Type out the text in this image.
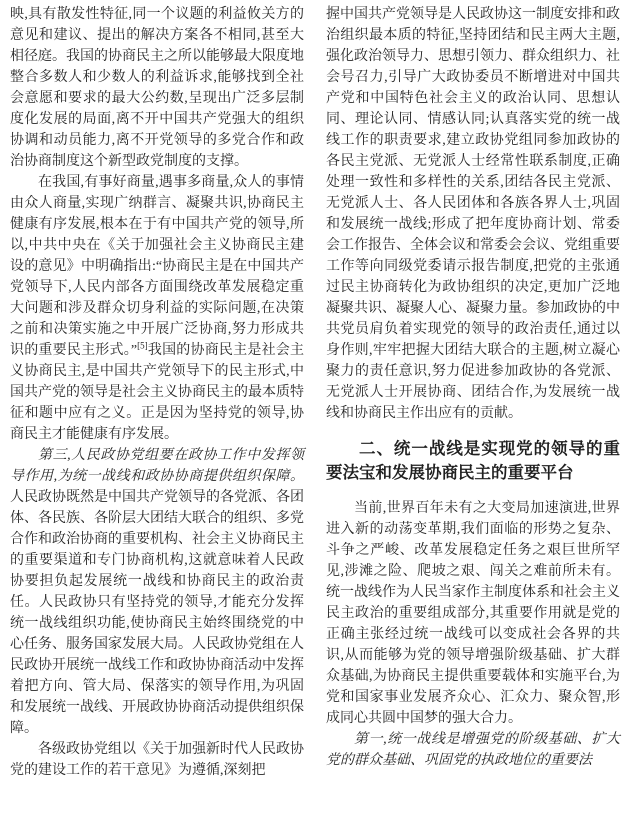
映,具有散发性特征,同一个议题的利益攸关方的意见和建议、提出的解决方案各不相同,甚至大相径庭。我国的协商民主之所以能够最大限度地整合多数人和少数人的利益诉求,能够找到全社会意愿和要求的最大公约数,呈现出广泛多层制度化发展的局面,离不开中国共产党强大的组织协调和动员能力,离不开党领导的多党合作和政治协商制度这个新型政党制度的支撑。

在我国,有事好商量,遇事多商量,众人的事情由众人商量,实现广纳群言、凝聚共识,协商民主健康有序发展,根本在于有中国共产党的领导,所以,中共中央在《关于加强社会主义协商民主建设的意见》中明确指出:“协商民主是在中国共产党领导下,人民内部各方面围绕改革发展稳定重大问题和涉及群众切身利益的实际问题,在决策之前和决策实施之中开展广泛协商,努力形成共识的重要民主形式。”[5]我国的协商民主是社会主义协商民主,是中国共产党领导下的民主形式,中国共产党的领导是社会主义协商民主的最本质特征和题中应有之义。正是因为坚持党的领导,协商民主才能健康有序发展。

第三,人民政协党组要在政协工作中发挥领导作用,为统一战线和政协协商提供组织保障。人民政协既然是中国共产党领导的各党派、各团体、各民族、各阶层大团结大联合的组织、多党合作和政治协商的重要机构、社会主义协商民主的重要渠道和专门协商机构,这就意味着人民政协要担负起发展统一战线和协商民主的政治责任。人民政协只有坚持党的领导,才能充分发挥统一战线组织功能,使协商民主始终围绕党的中心任务、服务国家发展大局。人民政协党组在人民政协开展统一战线工作和政协协商活动中发挥着把方向、管大局、保落实的领导作用,为巩固和发展统一战线、开展政协协商活动提供组织保障。

各级政协党组以《关于加强新时代人民政协党的建设工作的若干意见》为遵循,深刻把

握中国共产党领导是人民政协这一制度安排和政治组织最本质的特征,坚持团结和民主两大主题,强化政治领导力、思想引领力、群众组织力、社会号召力,引导广大政协委员不断增进对中国共产党和中国特色社会主义的政治认同、思想认同、理论认同、情感认同;认真落实党的统一战线工作的职责要求,建立政协党组同参加政协的各民主党派、无党派人士经常性联系制度,正确处理一致性和多样性的关系,团结各民主党派、无党派人士、各人民团体和各族各界人士,巩固和发展统一战线;形成了把年度协商计划、常委会工作报告、全体会议和常委会会议、党组重要工作等向同级党委请示报告制度,把党的主张通过民主协商转化为政协组织的决定,更加广泛地凝聚共识、凝聚人心、凝聚力量。参加政协的中共党员肩负着实现党的领导的政治责任,通过以身作则,牢牢把握大团结大联合的主题,树立凝心聚力的责任意识,努力促进参加政协的各党派、无党派人士开展协商、团结合作,为发展统一战线和协商民主作出应有的贡献。

二、统一战线是实现党的领导的重要法宝和发展协商民主的重要平台

当前,世界百年未有之大变局加速演进,世界进入新的动荡变革期,我们面临的形势之复杂、斗争之严峻、改革发展稳定任务之艰巨世所罕见,涉滩之险、爬坡之艰、闯关之难前所未有。统一战线作为人民当家作主制度体系和社会主义民主政治的重要组成部分,其重要作用就是党的正确主张经过统一战线可以变成社会各界的共识,从而能够为党的领导增强阶级基础、扩大群众基础,为协商民主提供重要载体和实施平台,为党和国家事业发展齐众心、汇众力、聚众智,形成同心共圆中国梦的强大合力。

第一,统一战线是增强党的阶级基础、扩大党的群众基础、巩固党的执政地位的重要法
